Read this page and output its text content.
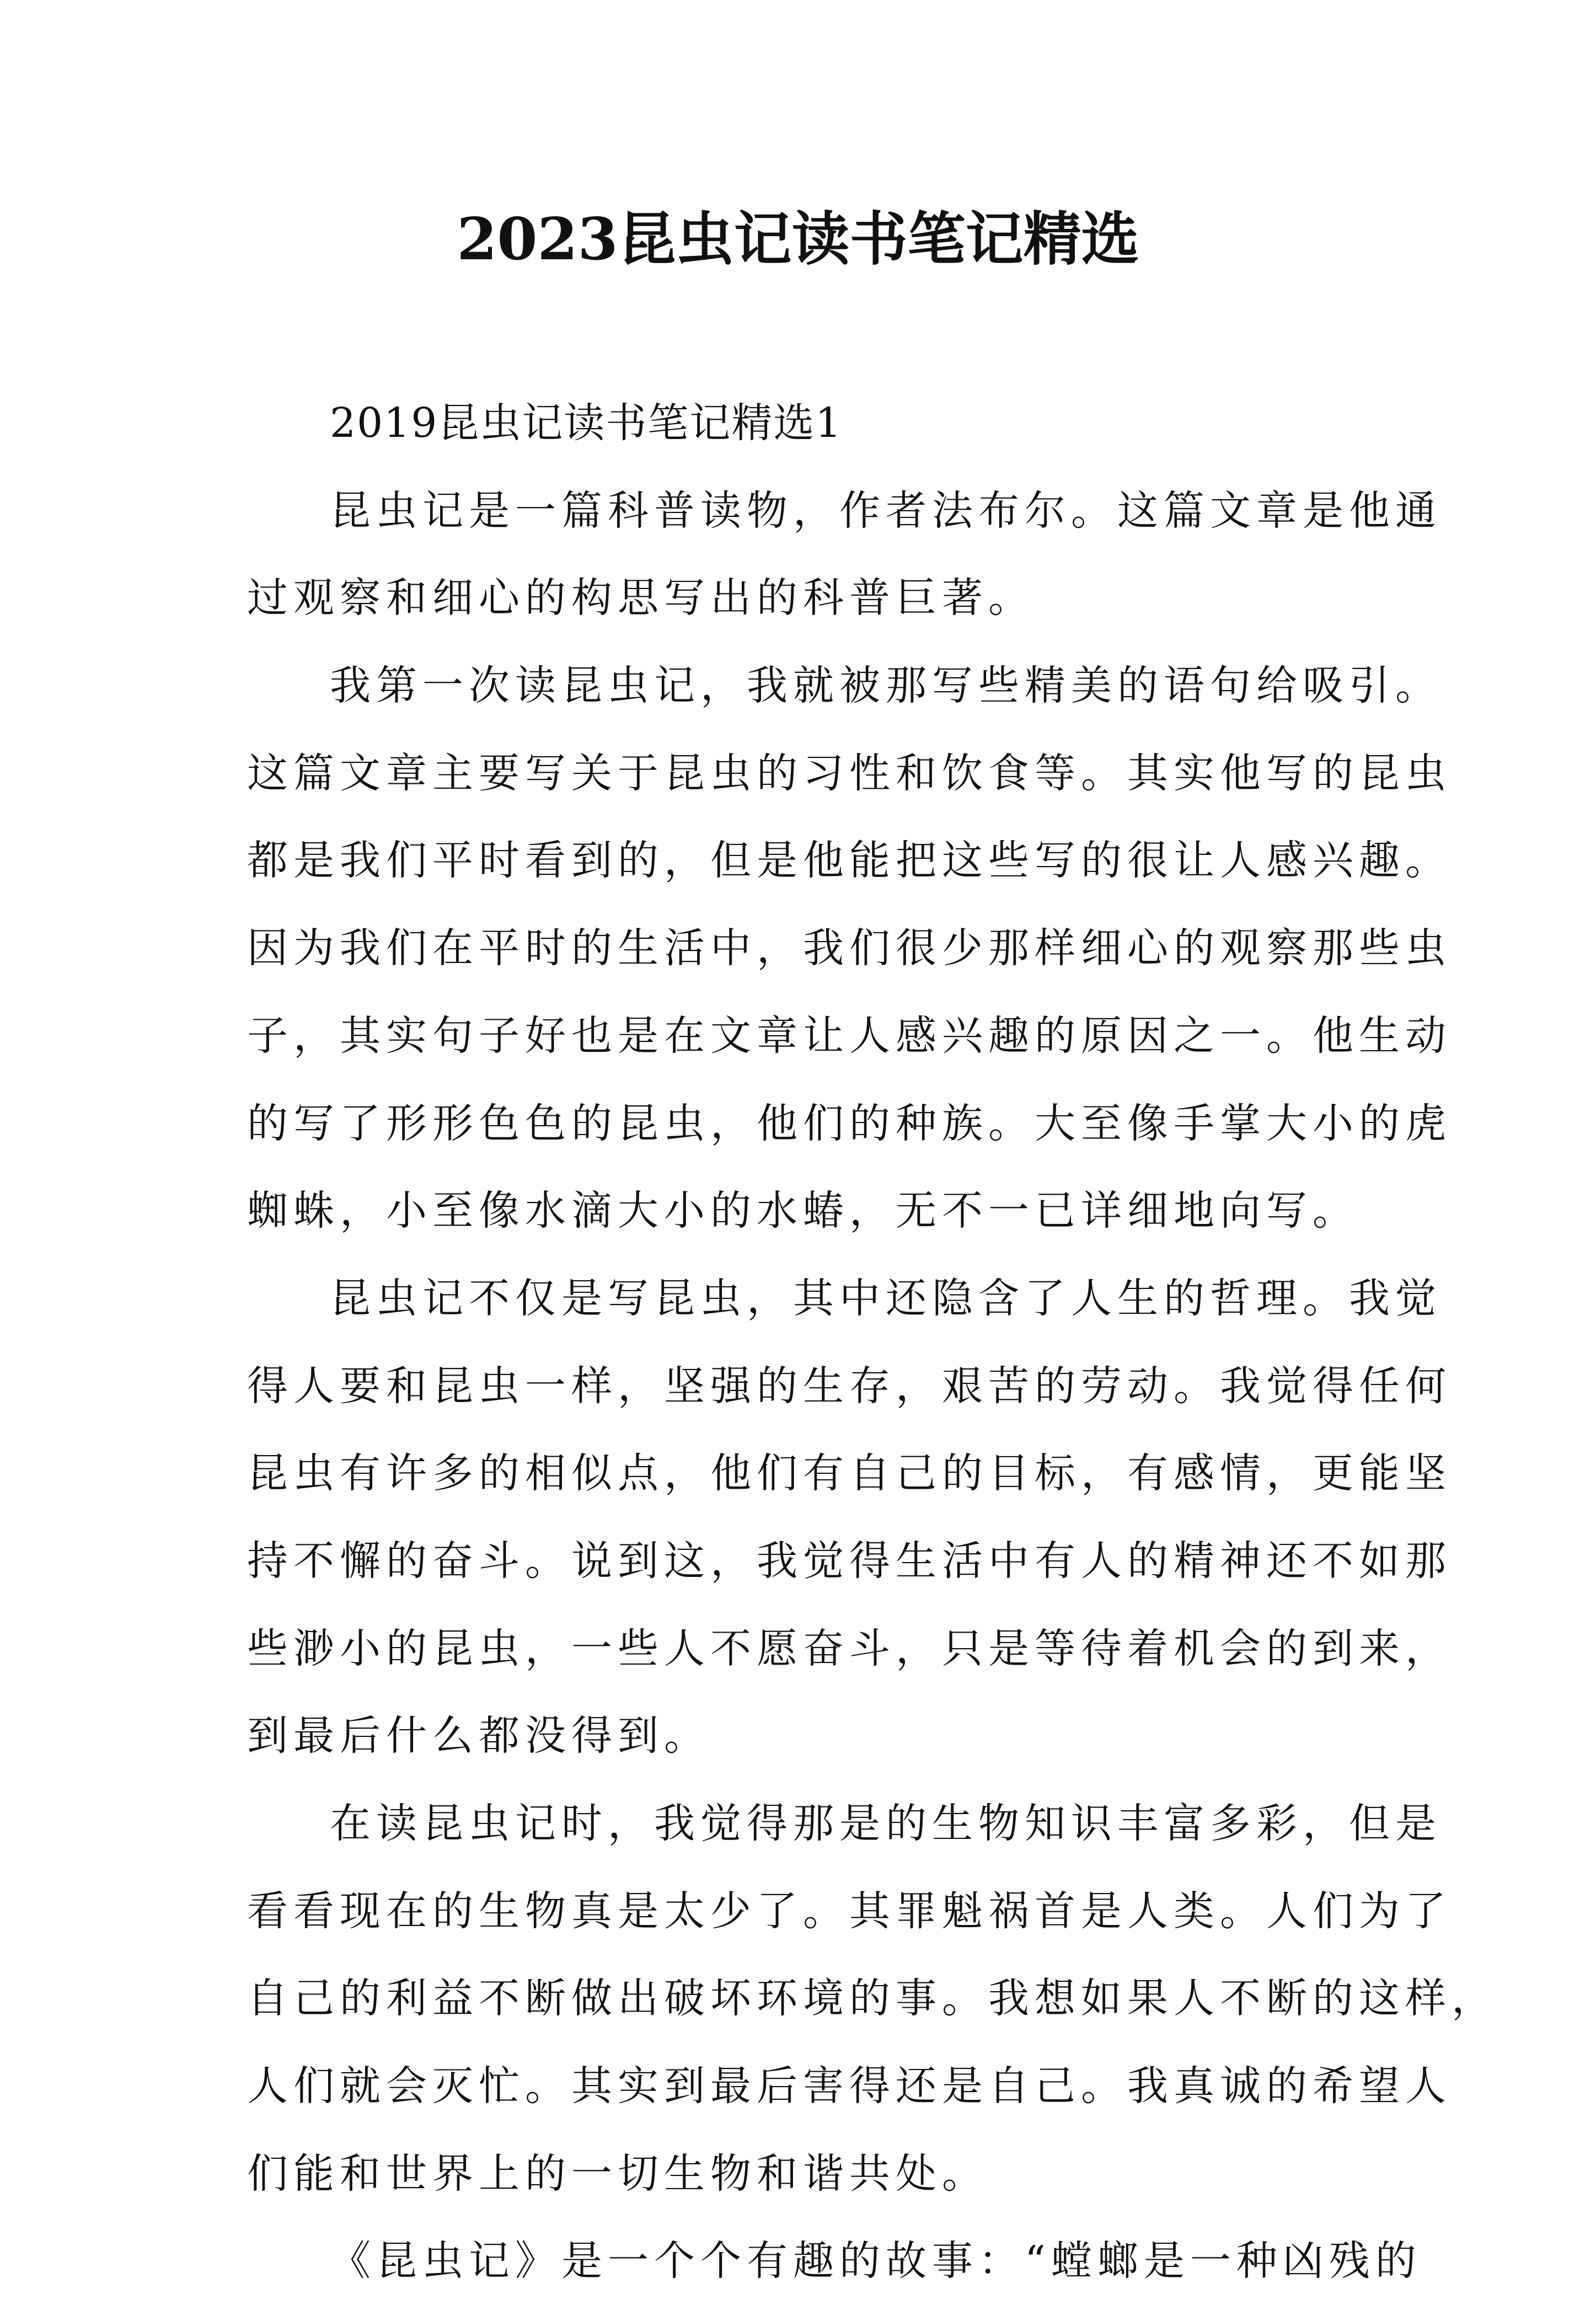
2023昆虫记读书笔记精选
2019昆虫记读书笔记精选1
昆虫记是一篇科普读物，作者法布尔。这篇文章是他通
过观察和细心的构思写出的科普巨著。
我第一次读昆虫记，我就被那写些精美的语句给吸引。
这篇文章主要写关于昆虫的习性和饮食等。其实他写的昆虫
都是我们平时看到的，但是他能把这些写的很让人感兴趣。
因为我们在平时的生活中，我们很少那样细心的观察那些虫
子，其实句子好也是在文章让人感兴趣的原因之一。他生动
的写了形形色色的昆虫，他们的种族。大至像手掌大小的虎
蜘蛛，小至像水滴大小的水蝽，无不一已详细地向写。
昆虫记不仅是写昆虫，其中还隐含了人生的哲理。我觉
得人要和昆虫一样，坚强的生存，艰苦的劳动。我觉得任何
昆虫有许多的相似点，他们有自己的目标，有感情，更能坚
持不懈的奋斗。说到这，我觉得生活中有人的精神还不如那
些渺小的昆虫，一些人不愿奋斗，只是等待着机会的到来，
到最后什么都没得到。
在读昆虫记时，我觉得那是的生物知识丰富多彩，但是
看看现在的生物真是太少了。其罪魁祸首是人类。人们为了
自己的利益不断做出破坏环境的事。我想如果人不断的这样，
人们就会灭忙。其实到最后害得还是自己。我真诚的希望人
们能和世界上的一切生物和谐共处。
《昆虫记》是一个个有趣的故事：“螳螂是一种凶残的
